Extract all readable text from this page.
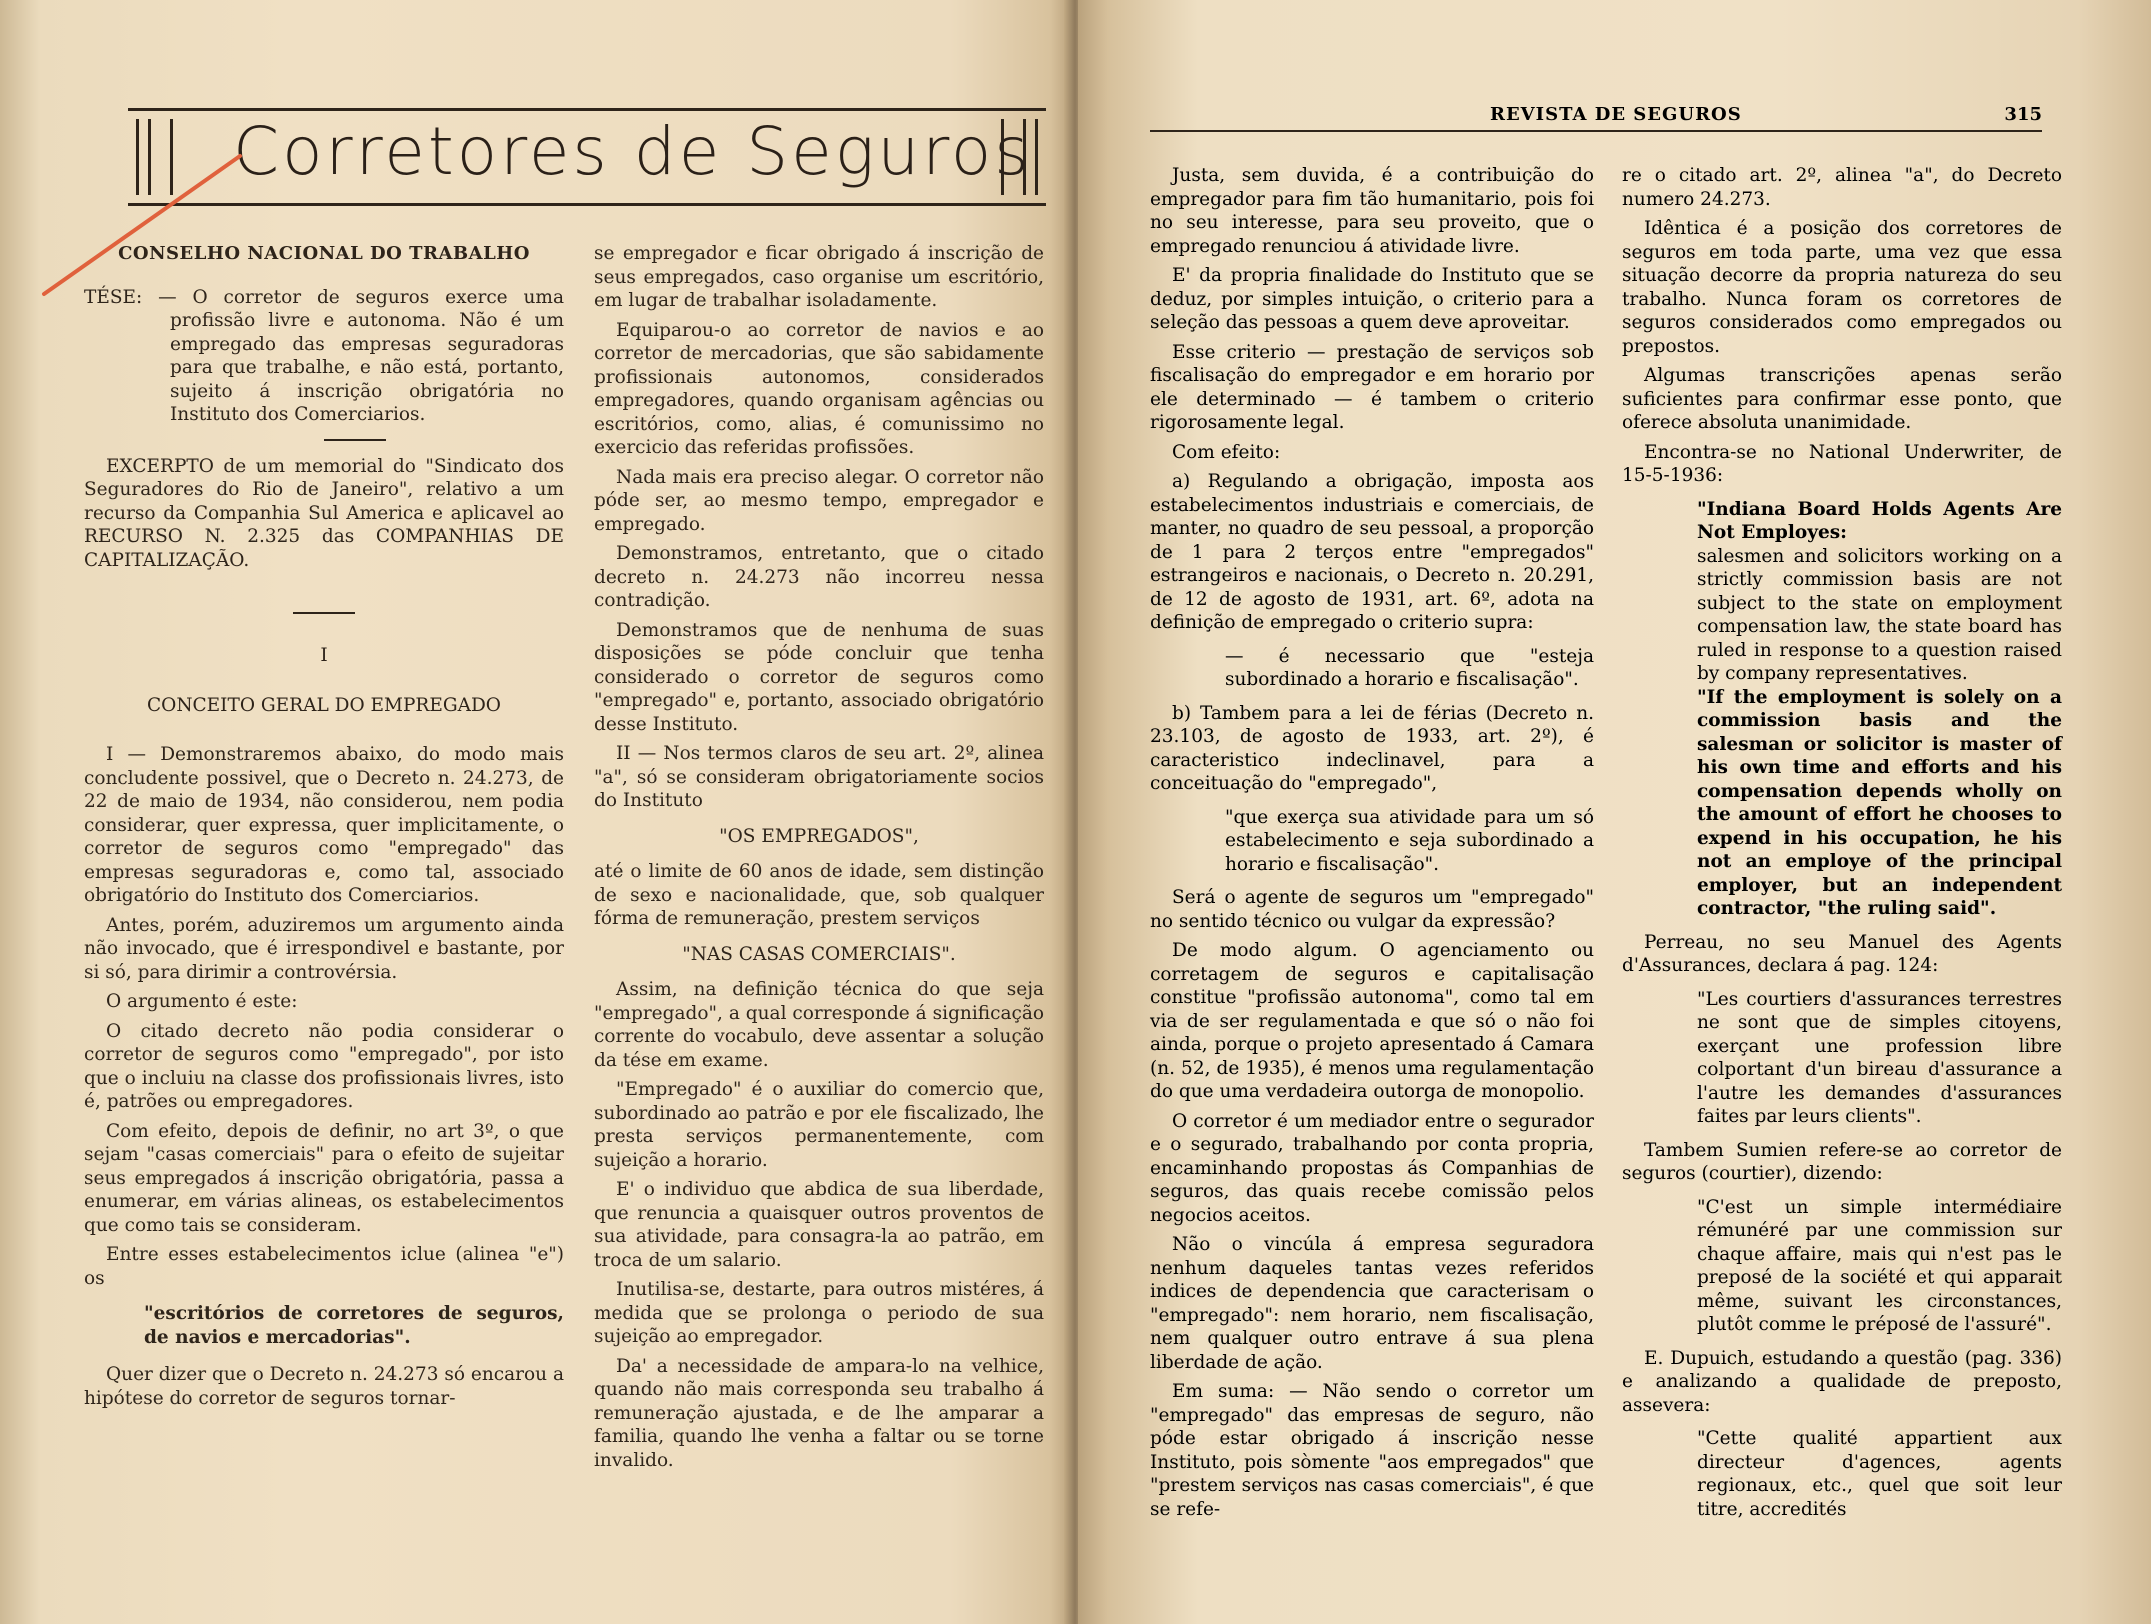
Corretores de Seguros

CONSELHO NACIONAL DO TRABALHO

TÉSE: — O corretor de seguros exerce uma profissão livre e autonoma. Não é um empregado das empresas seguradoras para que trabalhe, e não está, portanto, sujeito á inscrição obrigatória no Instituto dos Comerciarios.

EXCERPTO de um memorial do "Sindicato dos Seguradores do Rio de Janeiro", relativo a um recurso da Companhia Sul America e aplicavel ao RECURSO N. 2.325 das COMPANHIAS DE CAPITALIZAÇÃO.

I

CONCEITO GERAL DO EMPREGADO

I — Demonstraremos abaixo, do modo mais concludente possivel, que o Decreto n. 24.273, de 22 de maio de 1934, não considerou, nem podia considerar, quer expressa, quer implicitamente, o corretor de seguros como "empregado" das empresas seguradoras e, como tal, associado obrigatório do Instituto dos Comerciarios.

Antes, porém, aduziremos um argumento ainda não invocado, que é irrespondivel e bastante, por si só, para dirimir a controvérsia.

O argumento é este:

O citado decreto não podia considerar o corretor de seguros como "empregado", por isto que o incluiu na classe dos profissionais livres, isto é, patrões ou empregadores.

Com efeito, depois de definir, no art 3º, o que sejam "casas comerciais" para o efeito de sujeitar seus empregados á inscrição obrigatória, passa a enumerar, em várias alineas, os estabelecimentos que como tais se consideram.

Entre esses estabelecimentos iclue (alinea "e") os

"escritórios de corretores de seguros, de navios e mercadorias".

Quer dizer que o Decreto n. 24.273 só encarou a hipótese do corretor de seguros tornar-

se empregador e ficar obrigado á inscrição de seus empregados, caso organise um escritório, em lugar de trabalhar isoladamente.

Equiparou-o ao corretor de navios e ao corretor de mercadorias, que são sabidamente profissionais autonomos, considerados empregadores, quando organisam agências ou escritórios, como, alias, é comunissimo no exercicio das referidas profissões.

Nada mais era preciso alegar. O corretor não póde ser, ao mesmo tempo, empregador e empregado.

Demonstramos, entretanto, que o citado decreto n. 24.273 não incorreu nessa contradição.

Demonstramos que de nenhuma de suas disposições se póde concluir que tenha considerado o corretor de seguros como "empregado" e, portanto, associado obrigatório desse Instituto.

II — Nos termos claros de seu art. 2º, alinea "a", só se consideram obrigatoriamente socios do Instituto

"OS EMPREGADOS",

até o limite de 60 anos de idade, sem distinção de sexo e nacionalidade, que, sob qualquer fórma de remuneração, prestem serviços

"NAS CASAS COMERCIAIS".

Assim, na definição técnica do que seja "empregado", a qual corresponde á significação corrente do vocabulo, deve assentar a solução da tése em exame.

"Empregado" é o auxiliar do comercio que, subordinado ao patrão e por ele fiscalizado, lhe presta serviços permanentemente, com sujeição a horario.

E' o individuo que abdica de sua liberdade, que renuncia a quaisquer outros proventos de sua atividade, para consagra-la ao patrão, em troca de um salario.

Inutilisa-se, destarte, para outros mistéres, á medida que se prolonga o periodo de sua sujeição ao empregador.

Da' a necessidade de ampara-lo na velhice, quando não mais corresponda seu trabalho á remuneração ajustada, e de lhe amparar a familia, quando lhe venha a faltar ou se torne invalido.

REVISTA DE SEGUROS	315

Justa, sem duvida, é a contribuição do empregador para fim tão humanitario, pois foi no seu interesse, para seu proveito, que o empregado renunciou á atividade livre.

E' da propria finalidade do Instituto que se deduz, por simples intuição, o criterio para a seleção das pessoas a quem deve aproveitar.

Esse criterio — prestação de serviços sob fiscalisação do empregador e em horario por ele determinado — é tambem o criterio rigorosamente legal.

Com efeito:

a) Regulando a obrigação, imposta aos estabelecimentos industriais e comerciais, de manter, no quadro de seu pessoal, a proporção de 1 para 2 terços entre "empregados" estrangeiros e nacionais, o Decreto n. 20.291, de 12 de agosto de 1931, art. 6º, adota na definição de empregado o criterio supra:

— é necessario que "esteja subordinado a horario e fiscalisação".

b) Tambem para a lei de férias (Decreto n. 23.103, de agosto de 1933, art. 2º), é caracteristico indeclinavel, para a conceituação do "empregado",

"que exerça sua atividade para um só estabelecimento e seja subordinado a horario e fiscalisação".

Será o agente de seguros um "empregado" no sentido técnico ou vulgar da expressão?

De modo algum. O agenciamento ou corretagem de seguros e capitalisação constitue "profissão autonoma", como tal em via de ser regulamentada e que só o não foi ainda, porque o projeto apresentado á Camara (n. 52, de 1935), é menos uma regulamentação do que uma verdadeira outorga de monopolio.

O corretor é um mediador entre o segurador e o segurado, trabalhando por conta propria, encaminhando propostas ás Companhias de seguros, das quais recebe comissão pelos negocios aceitos.

Não o vincúla á empresa seguradora nenhum daqueles tantas vezes referidos indices de dependencia que caracterisam o "empregado": nem horario, nem fiscalisação, nem qualquer outro entrave á sua plena liberdade de ação.

Em suma: — Não sendo o corretor um "empregado" das empresas de seguro, não póde estar obrigado á inscrição nesse Instituto, pois sòmente "aos empregados" que "prestem serviços nas casas comerciais", é que se refe-

re o citado art. 2º, alinea "a", do Decreto numero 24.273.

Idêntica é a posição dos corretores de seguros em toda parte, uma vez que essa situação decorre da propria natureza do seu trabalho. Nunca foram os corretores de seguros considerados como empregados ou prepostos.

Algumas transcrições apenas serão suficientes para confirmar esse ponto, que oferece absoluta unanimidade.

Encontra-se no National Underwriter, de 15-5-1936:

"Indiana Board Holds Agents Are Not Employes:

salesmen and solicitors working on a strictly commission basis are not subject to the state on employment compensation law, the state board has ruled in response to a question raised by company representatives.

"If the employment is solely on a commission basis and the salesman or solicitor is master of his own time and efforts and his compensation depends wholly on the amount of effort he chooses to expend in his occupation, he his not an employe of the principal employer, but an independent contractor, "the ruling said".

Perreau, no seu Manuel des Agents d'Assurances, declara á pag. 124:

"Les courtiers d'assurances terrestres ne sont que de simples citoyens, exerçant une profession libre colportant d'un bireau d'assurance a l'autre les demandes d'assurances faites par leurs clients".

Tambem Sumien refere-se ao corretor de seguros (courtier), dizendo:

"C'est un simple intermédiaire rémunéré par une commission sur chaque affaire, mais qui n'est pas le preposé de la société et qui apparait même, suivant les circonstances, plutôt comme le préposé de l'assuré".

E. Dupuich, estudando a questão (pag. 336) e analizando a qualidade de preposto, assevera:

"Cette qualité appartient aux directeur d'agences, agents regionaux, etc., quel que soit leur titre, accredités
